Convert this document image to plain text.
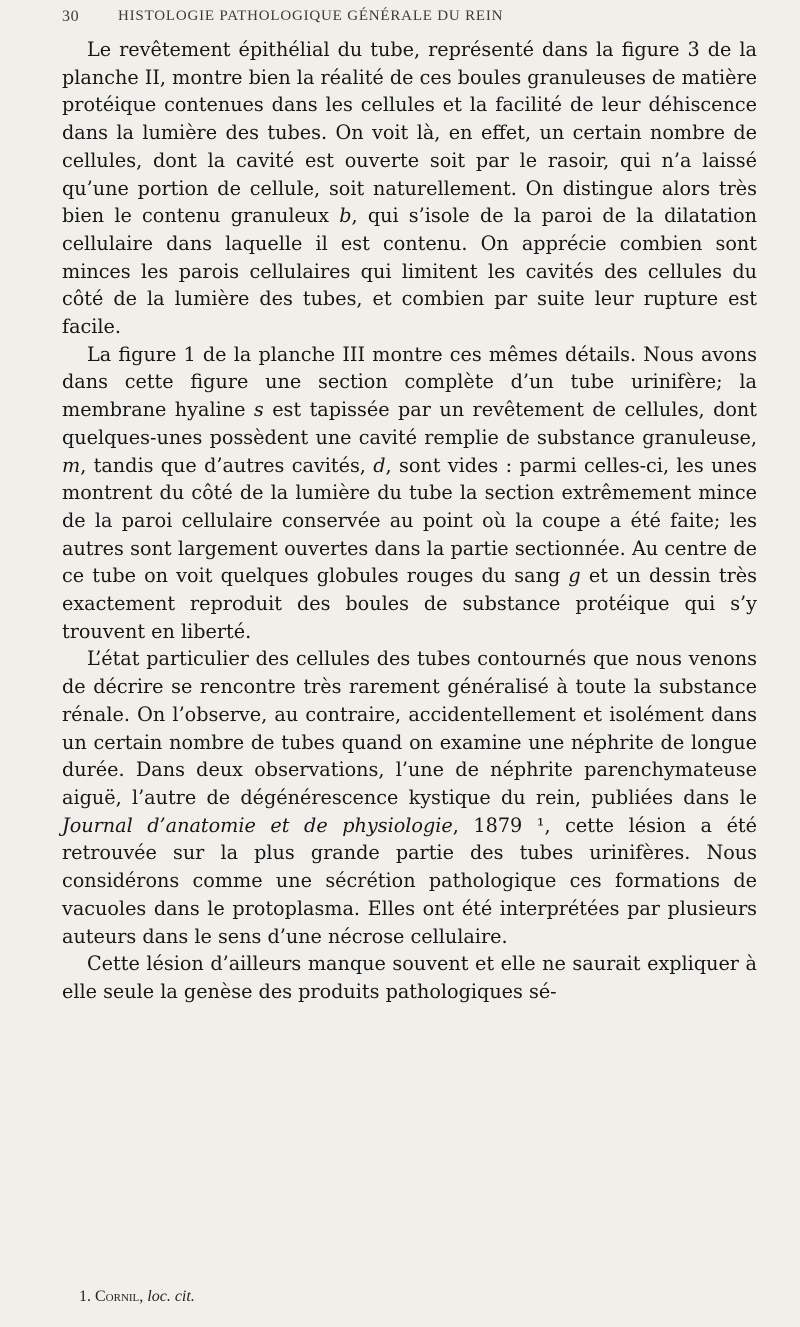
30	HISTOLOGIE PATHOLOGIQUE GÉNÉRALE DU REIN

Le revêtement épithélial du tube, représenté dans la figure 3 de la planche II, montre bien la réalité de ces boules granuleuses de matière protéique contenues dans les cellules et la facilité de leur déhiscence dans la lumière des tubes. On voit là, en effet, un certain nombre de cellules, dont la cavité est ouverte soit par le rasoir, qui n’a laissé qu’une portion de cellule, soit naturellement. On distingue alors très bien le contenu granuleux b, qui s’isole de la paroi de la dilatation cellulaire dans laquelle il est contenu. On apprécie combien sont minces les parois cellulaires qui limitent les cavités des cellules du côté de la lumière des tubes, et combien par suite leur rupture est facile.

La figure 1 de la planche III montre ces mêmes détails. Nous avons dans cette figure une section complète d’un tube urinifère; la membrane hyaline s est tapissée par un revêtement de cellules, dont quelques-unes possèdent une cavité remplie de substance granuleuse, m, tandis que d’autres cavités, d, sont vides : parmi celles-ci, les unes montrent du côté de la lumière du tube la section extrêmement mince de la paroi cellulaire conservée au point où la coupe a été faite; les autres sont largement ouvertes dans la partie sectionnée. Au centre de ce tube on voit quelques globules rouges du sang g et un dessin très exactement reproduit des boules de substance protéique qui s’y trouvent en liberté.

L’état particulier des cellules des tubes contournés que nous venons de décrire se rencontre très rarement généralisé à toute la substance rénale. On l’observe, au contraire, accidentellement et isolément dans un certain nombre de tubes quand on examine une néphrite de longue durée. Dans deux observations, l’une de néphrite parenchymateuse aiguë, l’autre de dégénérescence kystique du rein, publiées dans le Journal d’anatomie et de physiologie, 1879 ¹, cette lésion a été retrouvée sur la plus grande partie des tubes urinifères. Nous considérons comme une sécrétion pathologique ces formations de vacuoles dans le protoplasma. Elles ont été interprétées par plusieurs auteurs dans le sens d’une nécrose cellulaire.

Cette lésion d’ailleurs manque souvent et elle ne saurait expliquer à elle seule la genèse des produits pathologiques sé-

1. Cornil, loc. cit.
